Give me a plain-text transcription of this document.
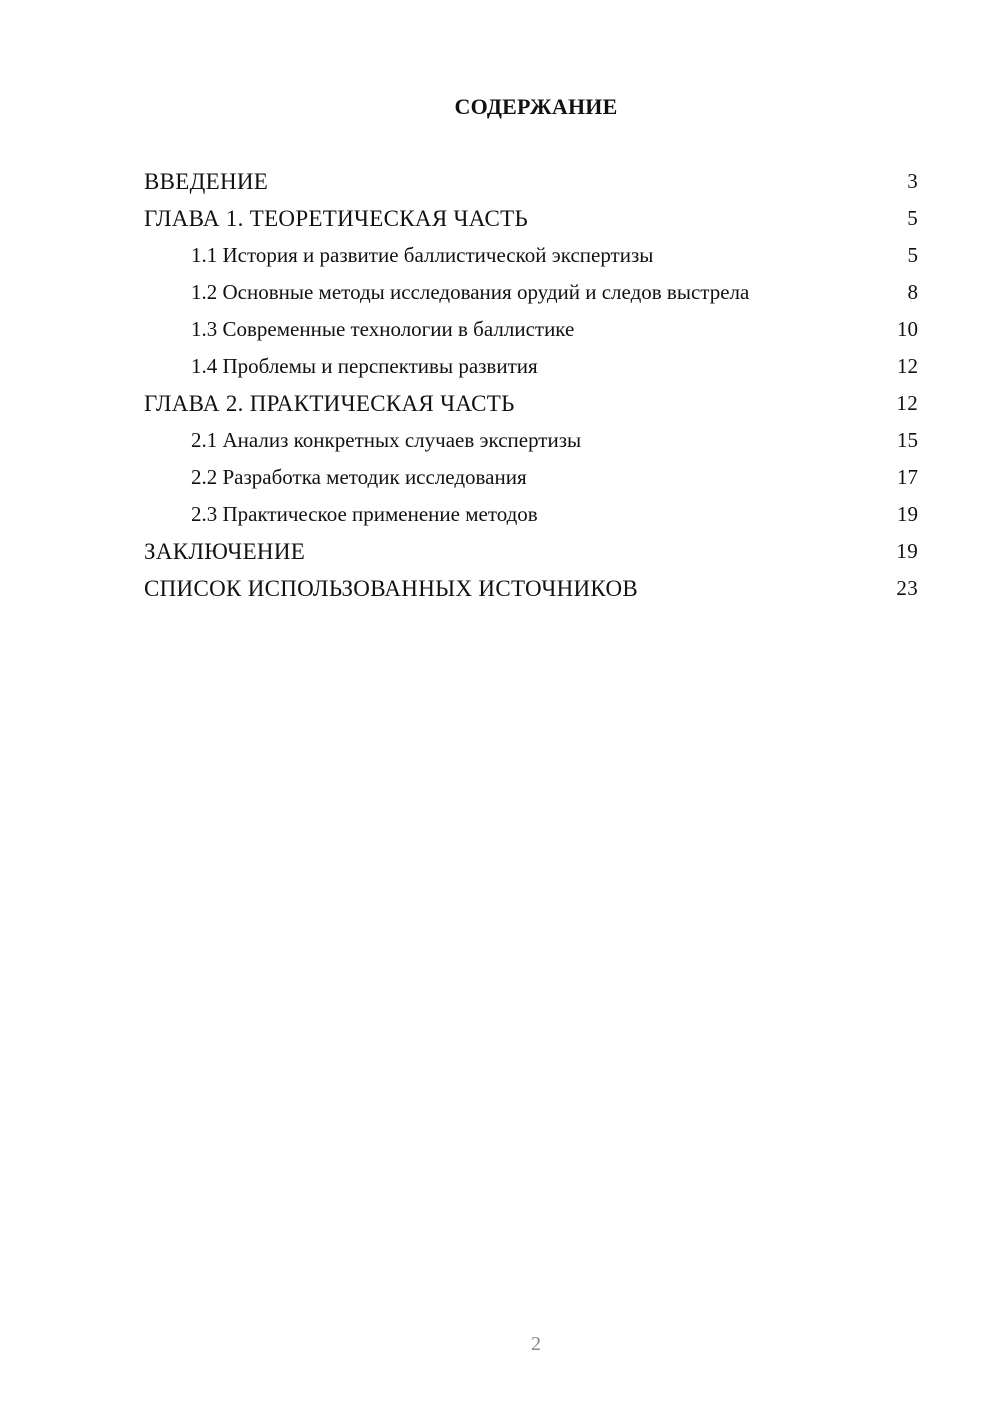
СОДЕРЖАНИЕ
ВВЕДЕНИЕ	3
ГЛАВА 1. ТЕОРЕТИЧЕСКАЯ ЧАСТЬ	5
1.1 История и развитие баллистической экспертизы	5
1.2 Основные методы исследования орудий и следов выстрела	8
1.3 Современные технологии в баллистике	10
1.4 Проблемы и перспективы развития	12
ГЛАВА 2. ПРАКТИЧЕСКАЯ ЧАСТЬ	12
2.1 Анализ конкретных случаев экспертизы	15
2.2 Разработка методик исследования	17
2.3 Практическое применение методов	19
ЗАКЛЮЧЕНИЕ	19
СПИСОК ИСПОЛЬЗОВАННЫХ ИСТОЧНИКОВ	23
2
